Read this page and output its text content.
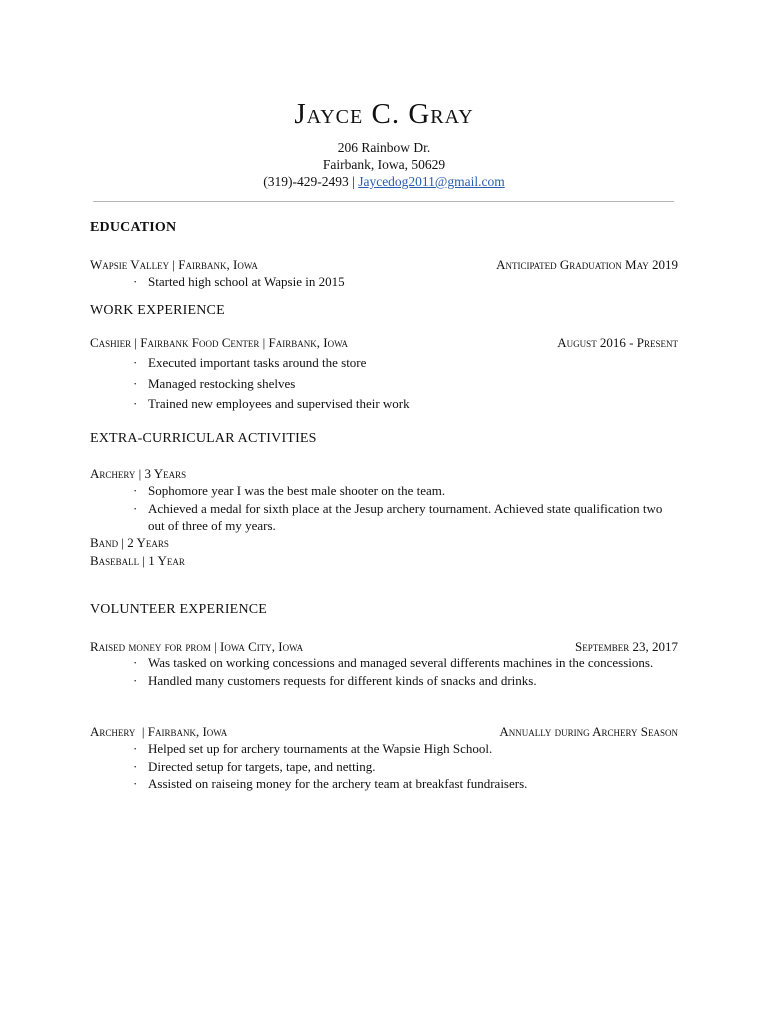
Jayce C. Gray
206 Rainbow Dr.
Fairbank, Iowa, 50629
(319)-429-2493 | Jaycedog2011@gmail.com
EDUCATION
Wapsie Valley | Fairbank, Iowa	Anticipated Graduation May 2019
· Started high school at Wapsie in 2015
WORK EXPERIENCE
Cashier | Fairbank Food Center | Fairbank, Iowa	August 2016 - Present
· Executed important tasks around the store
· Managed restocking shelves
· Trained new employees and supervised their work
EXTRA-CURRICULAR ACTIVITIES
Archery | 3 Years
· Sophomore year I was the best male shooter on the team.
· Achieved a medal for sixth place at the Jesup archery tournament. Achieved state qualification two out of three of my years.
Band | 2 Years
Baseball | 1 Year
VOLUNTEER EXPERIENCE
Raised money for prom | Iowa City, Iowa	September 23, 2017
· Was tasked on working concessions and managed several differents machines in the concessions.
· Handled many customers requests for different kinds of snacks and drinks.
Archery  | Fairbank, Iowa	Annually during Archery Season
· Helped set up for archery tournaments at the Wapsie High School.
· Directed setup for targets, tape, and netting.
· Assisted on raiseing money for the archery team at breakfast fundraisers.
